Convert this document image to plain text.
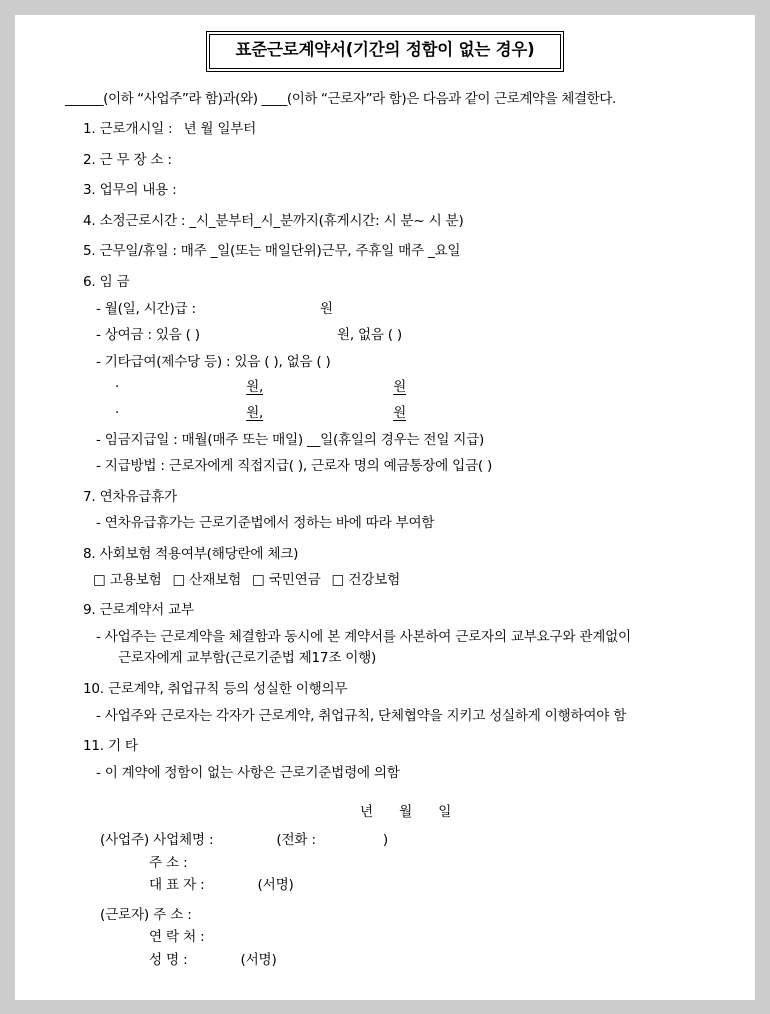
표준근로계약서(기간의 정함이 없는 경우)
______(이하 “사업주”라 함)과(와) ____(이하 “근로자”라 함)은 다음과 같이 근로계약을 체결한다.
1. 근로개시일 : 년 월 일부터
2. 근 무 장 소 :
3. 업무의 내용 :
4. 소정근로시간 : _시_분부터_시_분까지(휴게시간: 시 분~ 시 분)
5. 근무일/휴일 : 매주 _일(또는 매일단위)근무, 주휴일 매주 _요일
6. 임 금
- 월(일, 시간)급 :	원
- 상여금 : 있음 ( )	원, 없음 ( )
- 기타급여(제수당 등) : 있음 ( ), 없음 ( )
·	원,	원
·	원,	원
- 임금지급일 : 매월(매주 또는 매일) __일(휴일의 경우는 전일 지급)
- 지급방법 : 근로자에게 직접지급( ), 근로자 명의 예금통장에 입금( )
7. 연차유급휴가
- 연차유급휴가는 근로기준법에서 정하는 바에 따라 부여함
8. 사회보험 적용여부(해당란에 체크)
□ 고용보험 □ 산재보험 □ 국민연금 □ 건강보험
9. 근로계약서 교부
- 사업주는 근로계약을 체결함과 동시에 본 계약서를 사본하여 근로자의 교부요구와 관계없이
근로자에게 교부함(근로기준법 제17조 이행)
10. 근로계약, 취업규칙 등의 성실한 이행의무
- 사업주와 근로자는 각자가 근로계약, 취업규칙, 단체협약을 지키고 성실하게 이행하여야 함
11. 기 타
- 이 계약에 정함이 없는 사항은 근로기준법령에 의함
년 월 일
(사업주) 사업체명 :	(전화 :	)
주 소 :
대 표 자 :	(서명)
(근로자) 주 소 :
연 락 처 :
성 명 :	(서명)
